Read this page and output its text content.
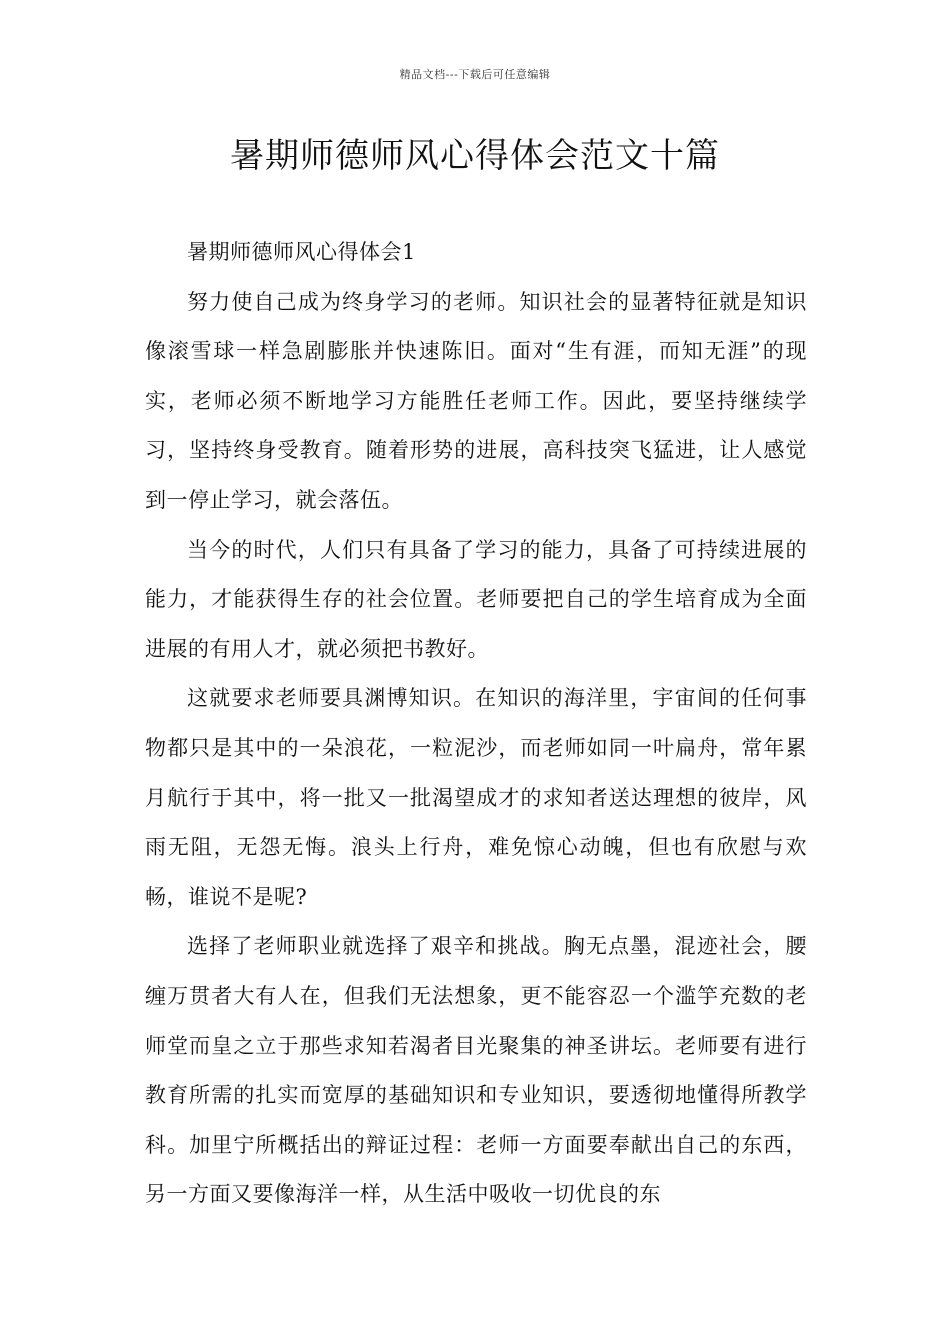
精品文档---下载后可任意编辑
暑期师德师风心得体会范文十篇

暑期师德师风心得体会1

努力使自己成为终身学习的老师。知识社会的显著特征就是知识像滚雪球一样急剧膨胀并快速陈旧。面对“生有涯，而知无涯”的现实，老师必须不断地学习方能胜任老师工作。因此，要坚持继续学习，坚持终身受教育。随着形势的进展，高科技突飞猛进，让人感觉到一停止学习，就会落伍。

当今的时代，人们只有具备了学习的能力，具备了可持续进展的能力，才能获得生存的社会位置。老师要把自己的学生培育成为全面进展的有用人才，就必须把书教好。

这就要求老师要具渊博知识。在知识的海洋里，宇宙间的任何事物都只是其中的一朵浪花，一粒泥沙，而老师如同一叶扁舟，常年累月航行于其中，将一批又一批渴望成才的求知者送达理想的彼岸，风雨无阻，无怨无悔。浪头上行舟，难免惊心动魄，但也有欣慰与欢畅，谁说不是呢?

选择了老师职业就选择了艰辛和挑战。胸无点墨，混迹社会，腰缠万贯者大有人在，但我们无法想象，更不能容忍一个滥竽充数的老师堂而皇之立于那些求知若渴者目光聚集的神圣讲坛。老师要有进行教育所需的扎实而宽厚的基础知识和专业知识，要透彻地懂得所教学科。加里宁所概括出的辩证过程：老师一方面要奉献出自己的东西，另一方面又要像海洋一样，从生活中吸收一切优良的东
